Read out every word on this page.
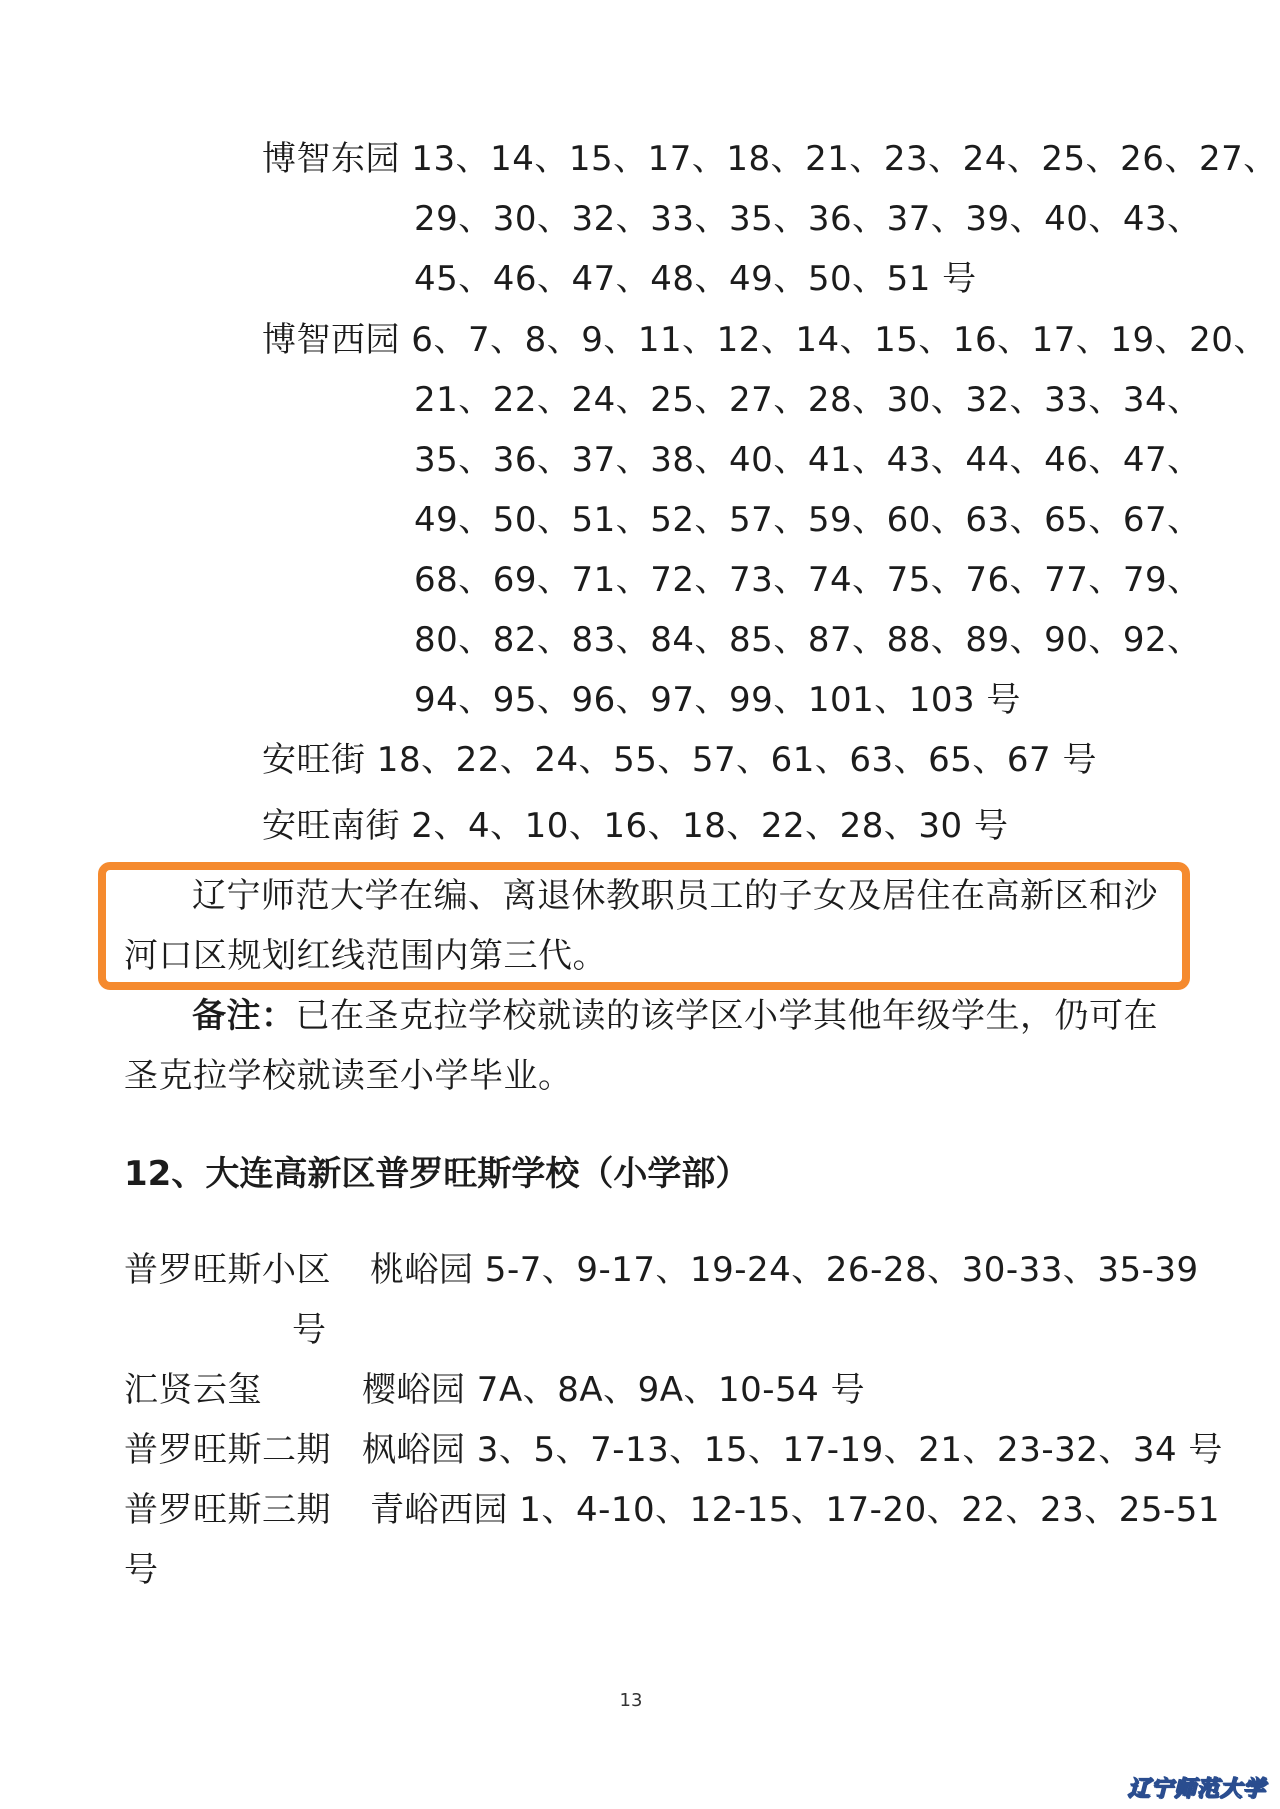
博智东园 13、14、15、17、18、21、23、24、25、26、27、
29、30、32、33、35、36、37、39、40、43、
45、46、47、48、49、50、51 号
博智西园 6、7、8、9、11、12、14、15、16、17、19、20、
21、22、24、25、27、28、30、32、33、34、
35、36、37、38、40、41、43、44、46、47、
49、50、51、52、57、59、60、63、65、67、
68、69、71、72、73、74、75、76、77、79、
80、82、83、84、85、87、88、89、90、92、
94、95、96、97、99、101、103 号
安旺街 18、22、24、55、57、61、63、65、67 号
安旺南街 2、4、10、16、18、22、28、30 号
辽宁师范大学在编、离退休教职员工的子女及居住在高新区和沙
河口区规划红线范围内第三代。
备注：已在圣克拉学校就读的该学区小学其他年级学生，仍可在
圣克拉学校就读至小学毕业。
12、大连高新区普罗旺斯学校（小学部）
普罗旺斯小区 桃峪园 5-7、9-17、19-24、26-28、30-33、35-39
号
汇贤云玺	樱峪园 7A、8A、9A、10-54 号
普罗旺斯二期 枫峪园 3、5、7-13、15、17-19、21、23-32、34 号
普罗旺斯三期 青峪西园 1、4-10、12-15、17-20、22、23、25-51
号
13
辽宁师范大学
